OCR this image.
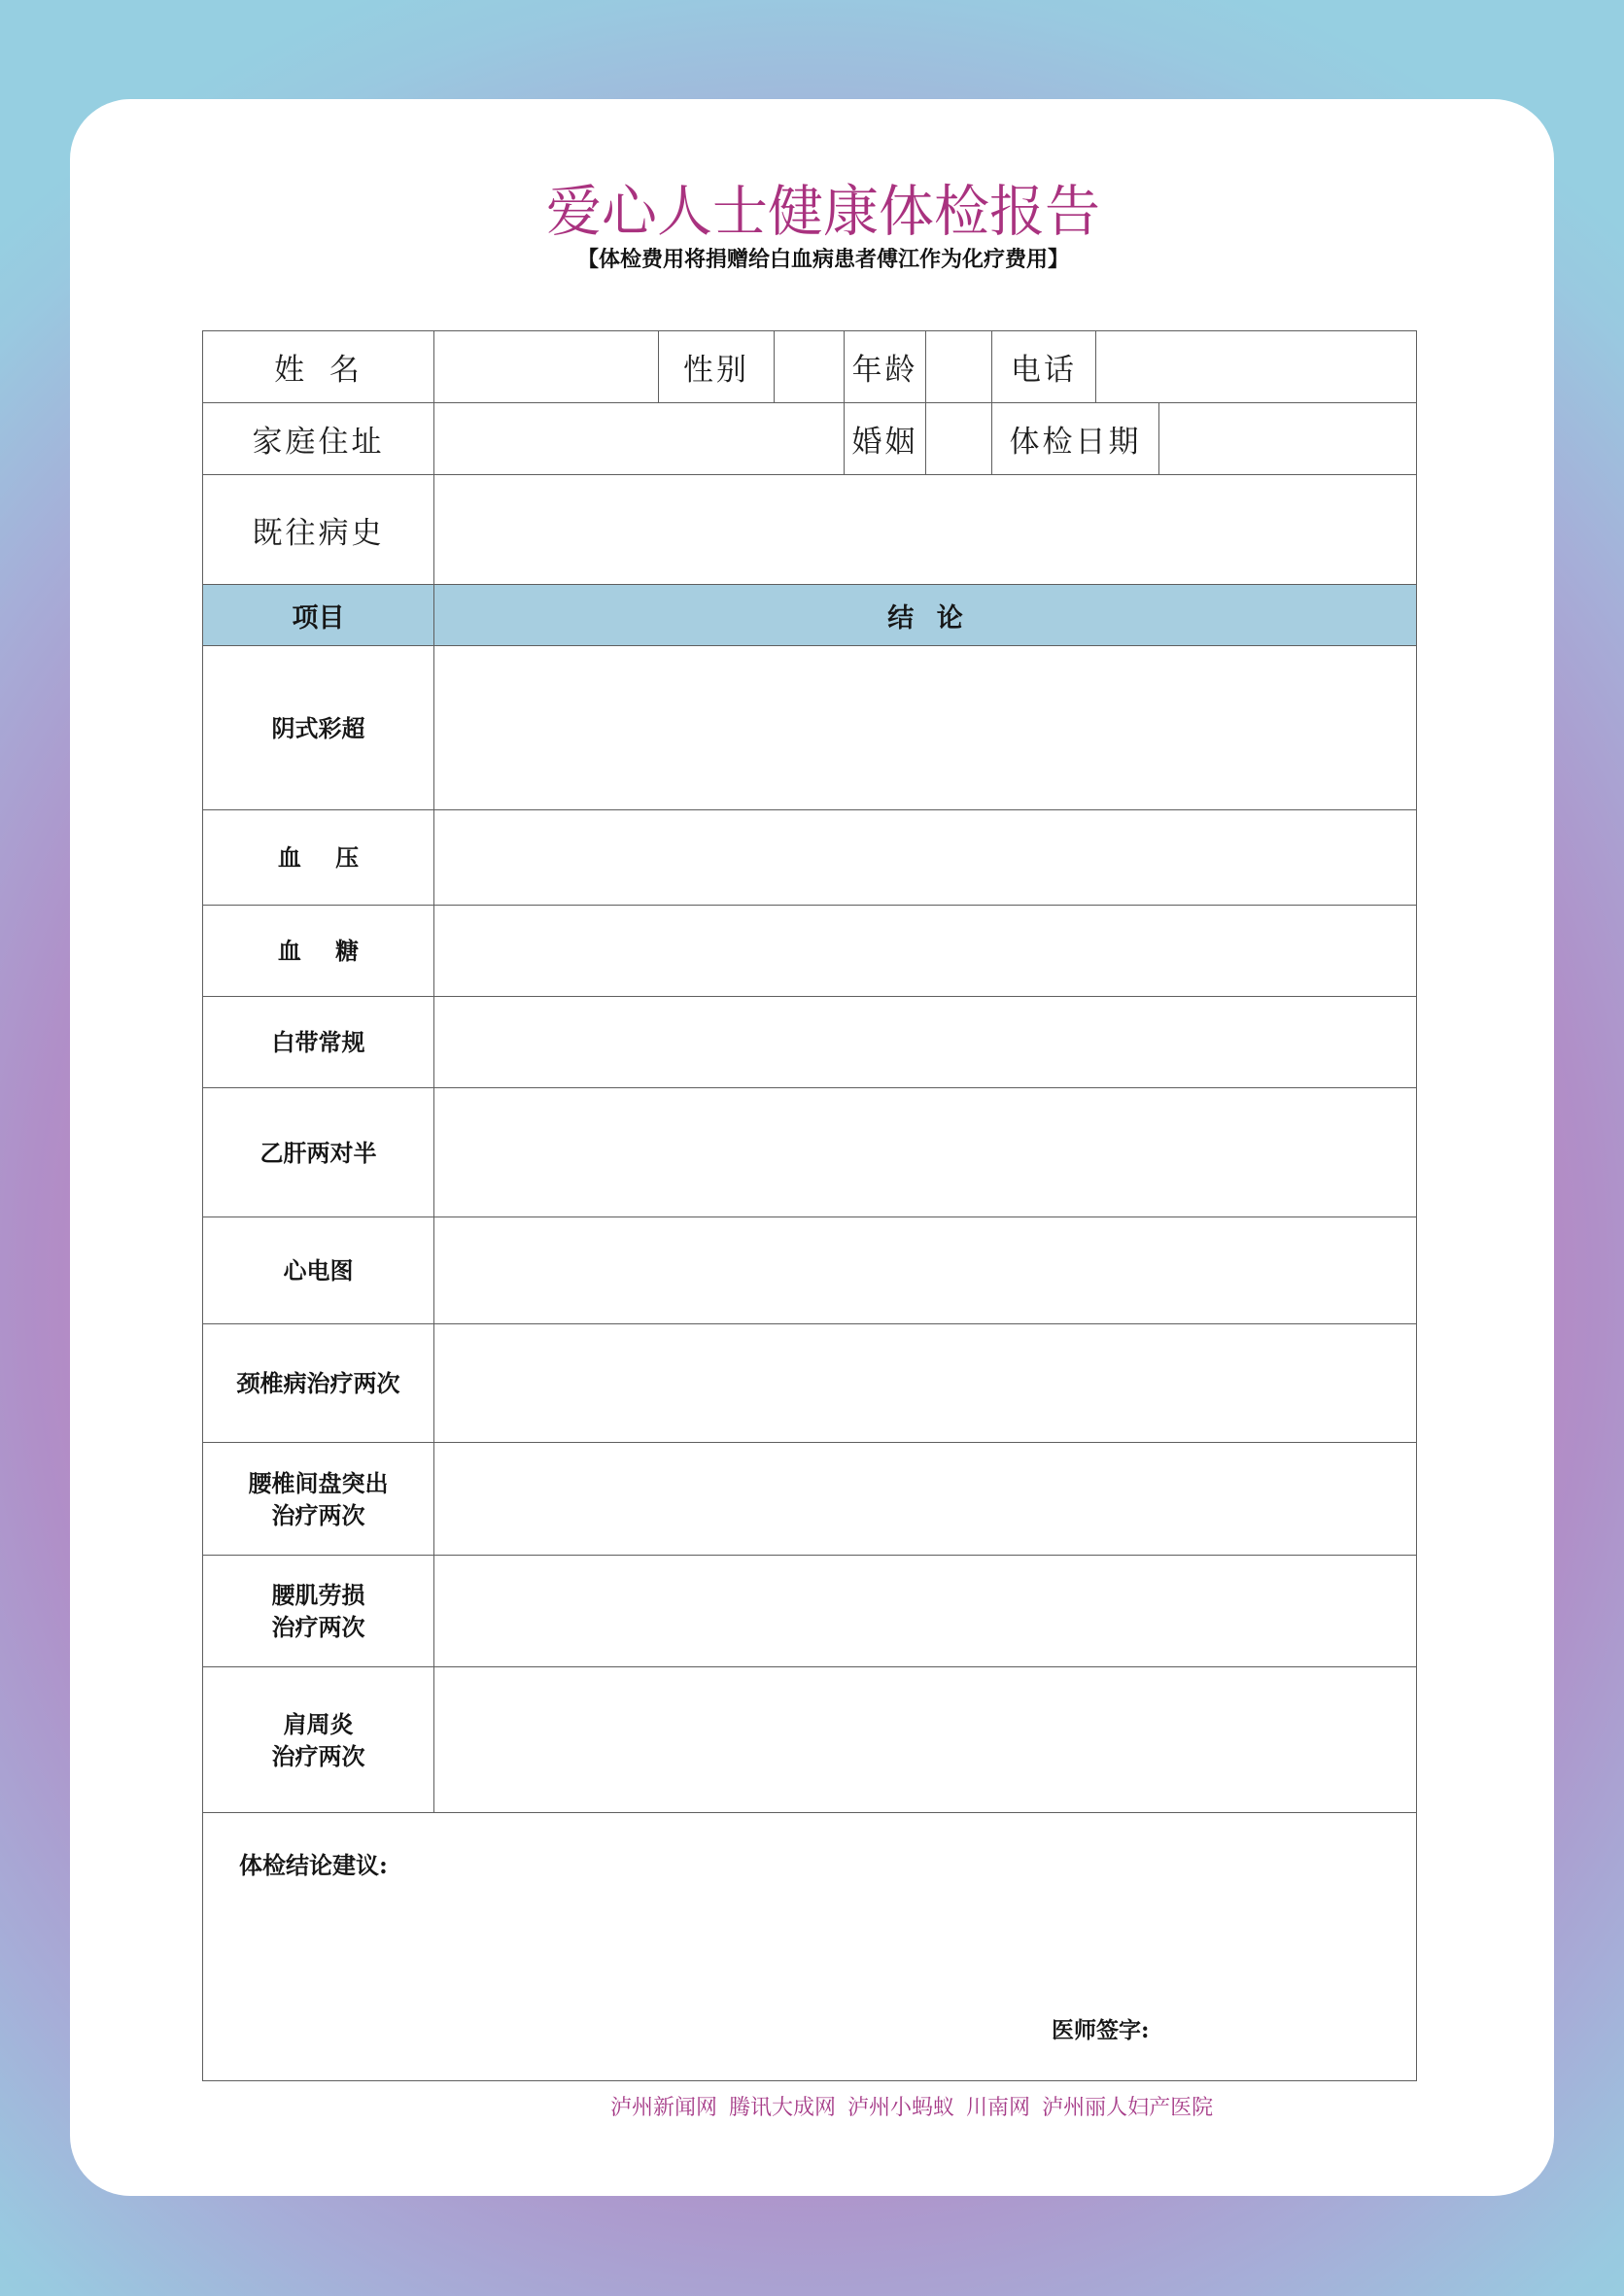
爱心人士健康体检报告
【体检费用将捐赠给白血病患者傅江作为化疗费用】
姓 名		性别		年龄		电话		
家庭住址				婚姻		体检日期		
既往病史								
项目	结 论							
阴式彩超								
血 压								
血 糖								
白带常规								
乙肝两对半								
心电图								
颈椎病治疗两次								
腰椎间盘突出
治疗两次								
腰肌劳损
治疗两次								
肩周炎
治疗两次								

体检结论建议:
医师签字:								
泸州新闻网 腾讯大成网 泸州小蚂蚁 川南网 泸州丽人妇产医院
